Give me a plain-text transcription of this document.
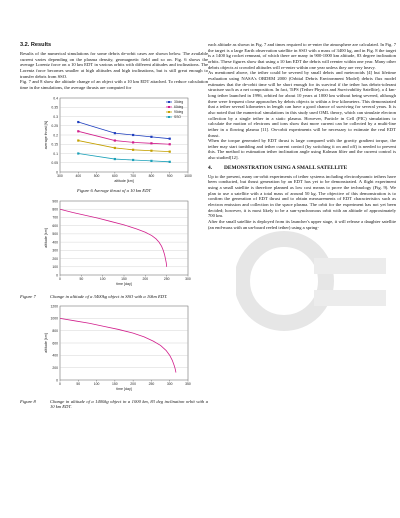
3.2. Results

Results of the numerical simulations for some debris de-orbit cases are shown below. The available current varies depending on the plasma density, geomagnetic field and so on. Fig. 6 shows the average Lorentz force on a 10 km EDT in various orbits with different altitudes and inclinations. The Lorentz force becomes smaller at high altitudes and high inclinations, but is still great enough to transfer debris from SSO.

Fig. 7 and 8 show the altitude change of an object with a 10 km EDT attached. To reduce calculation time in the simulations, the average thrusts are computed for

0
0.05
0.1
0.15
0.2
0.25
0.3
0.35
0.4
300	400	500	600	700	800	900	1000
altitude [km]
average thrust [N]
30deg
60deg
90deg
SSO
Figure 6 Average thrust of a 10 km EDT
0
100
200
300
400
500
600
700
800
900
0	50	100	150	200	250	300
time [day]
altitude [km]
Figure 7	Change in altitude of a 3400kg object in SSO with a 10km EDT.
0
200
400
600
800
1000
1200
0	50	100	150	200	250	300	350
time [day]
altitude [km]
Figure 8	Change in altitude of a 1400kg object in a 1000 km, 83 deg inclination orbit with a 10 km EDT.

each altitude as shown in Fig. 7 and times required to re-enter the atmosphere are calculated. In Fig. 7 the target is a large Earth observation satellite in SSO with a mass of 3400 kg, and in Fig. 8 the target is a 1400 kg rocket remnant, of which there are many in 900-1000 km altitude, 83 degree inclination orbits. These figures show that using a 10 km EDT the debris will reenter within one year. Many other debris objects at crowded altitudes will re-enter within one year unless they are very heavy.

As mentioned above, the tether could be severed by small debris and meteoroids [4] but lifetime evaluation using NASA's ORDEM 2000 (Orbital Debris Environment Model) debris flux model estimates that the de-orbit time will be short enough for its survival if the tether has debris-tolerant structure such as a net composition. In fact, TiPS (Tether Physics and Survivability Satellite), a 4 km-long tether launched in 1996, orbited for about 10 years at 1000 km without being severed, although there were frequent close approaches by debris objects to within a few kilometers. This demonstrated that a tether several kilometers in length can have a good chance of surviving for several years. It is also noted that the numerical simulations in this study used OML theory, which can simulate electron collection by a single tether in a static plasma. However, Particle in Cell (PIC) simulations to calculate the motion of electrons and ions show that more current can be collected by a multi-line tether in a flowing plasma [11]. On-orbit experiments will be necessary to estimate the real EDT thrust.

When the torque generated by EDT thrust is large compared with the gravity gradient torque, the tether may start tumbling and tether current control (by switching it on and off) is needed to prevent this. The method to estimation tether inclination angle using Kalman filter and the current control is also studied[12].

4.	DEMONSTRATION USING A SMALL SATELLITE

Up to the present, many on-orbit experiments of tether systems including electrodynamic tethers have been conducted, but thrust generation by an EDT has yet to be demonstrated. A flight experiment using a small satellite is therefore planned as low cost means to prove the technology (Fig. 9). We plan to use a satellite with a total mass of around 50 kg. The objective of this demonstration is to confirm the generation of EDT thrust and to obtain measurements of EDT characteristics such as electron emission and collection in the space plasma. The orbit for the experiment has not yet been decided; however, it is most likely to be a sun-synchronous orbit with an altitude of approximately 700 km.

After the small satellite is deployed from its launcher's upper stage, it will release a daughter satellite (an end-mass with an un-board reeled tether) using a spring-
